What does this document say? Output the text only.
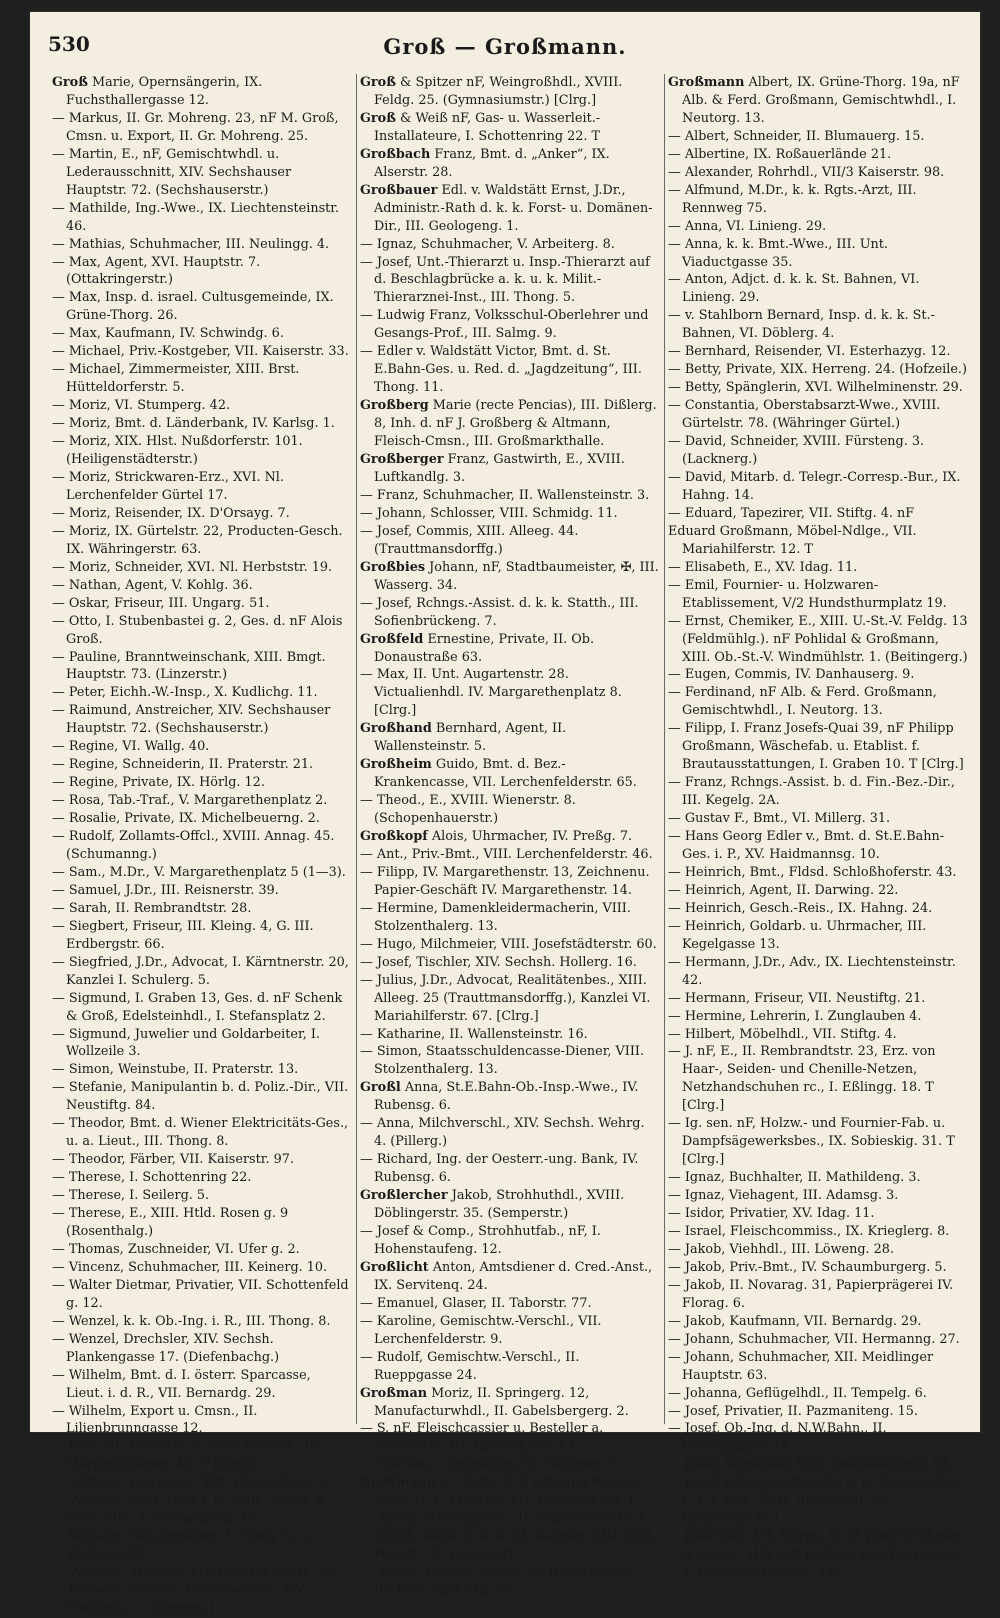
530	Groß — Großmann.

Groß Marie, Opernsängerin, IX. Fuchsthallergasse 12.

— Markus, II. Gr. Mohreng. 23, nF M. Groß, Cmsn. u. Export, II. Gr. Mohreng. 25.

— Martin, E., nF, Gemischtwhdl. u. Lederausschnitt, XIV. Sechshauser Hauptstr. 72. (Sechshauserstr.)

— Mathilde, Ing.-Wwe., IX. Liechtensteinstr. 46.

— Mathias, Schuhmacher, III. Neulingg. 4.

— Max, Agent, XVI. Hauptstr. 7. (Ottakringerstr.)

— Max, Insp. d. israel. Cultusgemeinde, IX. Grüne-Thorg. 26.

— Max, Kaufmann, IV. Schwindg. 6.

— Michael, Priv.-Kostgeber, VII. Kaiserstr. 33.

— Michael, Zimmermeister, XIII. Brst. Hütteldorferstr. 5.

— Moriz, VI. Stumperg. 42.

— Moriz, Bmt. d. Länderbank, IV. Karlsg. 1.

— Moriz, XIX. Hlst. Nußdorferstr. 101. (Heiligenstädterstr.)

— Moriz, Strickwaren-Erz., XVI. Nl. Lerchenfelder Gürtel 17.

— Moriz, Reisender, IX. D'Orsayg. 7.

— Moriz, IX. Gürtelstr. 22, Producten-Gesch. IX. Währingerstr. 63.

— Moriz, Schneider, XVI. Nl. Herbststr. 19.

— Nathan, Agent, V. Kohlg. 36.

— Oskar, Friseur, III. Ungarg. 51.

— Otto, I. Stubenbastei g. 2, Ges. d. nF Alois Groß.

— Pauline, Branntweinschank, XIII. Bmgt. Hauptstr. 73. (Linzerstr.)

— Peter, Eichh.-W.-Insp., X. Kudlichg. 11.

— Raimund, Anstreicher, XIV. Sechshauser Hauptstr. 72. (Sechshauserstr.)

— Regine, VI. Wallg. 40.

— Regine, Schneiderin, II. Praterstr. 21.

— Regine, Private, IX. Hörlg. 12.

— Rosa, Tab.-Traf., V. Margarethenplatz 2.

— Rosalie, Private, IX. Michelbeuerng. 2.

— Rudolf, Zollamts-Offcl., XVIII. Annag. 45. (Schumanng.)

— Sam., M.Dr., V. Margarethenplatz 5 (1—3).

— Samuel, J.Dr., III. Reisnerstr. 39.

— Sarah, II. Rembrandtstr. 28.

— Siegbert, Friseur, III. Kleing. 4, G. III. Erdbergstr. 66.

— Siegfried, J.Dr., Advocat, I. Kärntnerstr. 20, Kanzlei I. Schulerg. 5.

— Sigmund, I. Graben 13, Ges. d. nF Schenk & Groß, Edelsteinhdl., I. Stefansplatz 2.

— Sigmund, Juwelier und Goldarbeiter, I. Wollzeile 3.

— Simon, Weinstube, II. Praterstr. 13.

— Stefanie, Manipulantin b. d. Poliz.-Dir., VII. Neustiftg. 84.

— Theodor, Bmt. d. Wiener Elektricitäts-Ges., u. a. Lieut., III. Thong. 8.

— Theodor, Färber, VII. Kaiserstr. 97.

— Therese, I. Schottenring 22.

— Therese, I. Seilerg. 5.

— Therese, E., XIII. Htld. Rosen g. 9 (Rosenthalg.)

— Thomas, Zuschneider, VI. Ufer g. 2.

— Vincenz, Schuhmacher, III. Keinerg. 10.

— Walter Dietmar, Privatier, VII. Schottenfeld g. 12.

— Wenzel, k. k. Ob.-Ing. i. R., III. Thong. 8.

— Wenzel, Drechsler, XIV. Sechsh. Plankengasse 17. (Diefenbachg.)

— Wilhelm, Bmt. d. I. österr. Sparcasse, Lieut. i. d. R., VII. Bernardg. 29.

— Wilhelm, Export u. Cmsn., II. Lilienbrunngasse 12.

— Wilh. nF, Goldarb. u. ihren-Verschl., IV. Margarethenstr. 45. T [Clrg.]

— Wilhelm, Journalist, XIX. Hutweideng. 6.

— Wilhelm, Secr.-Chef i. P., LOR., Cmdr. d. num. RtO., I. Grünangerg. 10.

— Wilhelm, Schuhmacher, I. Postg. 6, G. I. Wollzeile 30.

— Wilhelm, Tischler, XIV. Goldschlagstr. 35.

— Wilhelm Vincenz, Branntweiner, XIV. Fischerg. 2. (Grimmg.)

Groß & Spitzer nF, Weingroßhdl., XVIII. Feldg. 25. (Gymnasiumstr.) [Clrg.]

Groß & Weiß nF, Gas- u. Wasserleit.-Installateure, I. Schottenring 22. T

Großbach Franz, Bmt. d. „Anker“, IX. Alserstr. 28.

Großbauer Edl. v. Waldstätt Ernst, J.Dr., Administr.-Rath d. k. k. Forst- u. Domänen-Dir., III. Geologeng. 1.

— Ignaz, Schuhmacher, V. Arbeiterg. 8.

— Josef, Unt.-Thierarzt u. Insp.-Thierarzt auf d. Beschlagbrücke a. k. u. k. Milit.-Thierarznei-Inst., III. Thong. 5.

— Ludwig Franz, Volksschul-Oberlehrer und Gesangs-Prof., III. Salmg. 9.

— Edler v. Waldstätt Victor, Bmt. d. St. E.Bahn-Ges. u. Red. d. „Jagdzeitung“, III. Thong. 11.

Großberg Marie (recte Pencias), III. Dißlerg. 8, Inh. d. nF J. Großberg & Altmann, Fleisch-Cmsn., III. Großmarkthalle.

Großberger Franz, Gastwirth, E., XVIII. Luftkandlg. 3.

— Franz, Schuhmacher, II. Wallensteinstr. 3.

— Johann, Schlosser, VIII. Schmidg. 11.

— Josef, Commis, XIII. Alleeg. 44. (Trauttmansdorffg.)

Großbies Johann, nF, Stadtbaumeister, ✠, III. Wasserg. 34.

— Josef, Rchngs.-Assist. d. k. k. Statth., III. Sofienbrückeng. 7.

Großfeld Ernestine, Private, II. Ob. Donaustraße 63.

— Max, II. Unt. Augartenstr. 28. Victualienhdl. IV. Margarethenplatz 8. [Clrg.]

Großhand Bernhard, Agent, II. Wallensteinstr. 5.

Großheim Guido, Bmt. d. Bez.-Krankencasse, VII. Lerchenfelderstr. 65.

— Theod., E., XVIII. Wienerstr. 8. (Schopenhauerstr.)

Großkopf Alois, Uhrmacher, IV. Preßg. 7.

— Ant., Priv.-Bmt., VIII. Lerchenfelderstr. 46.

— Filipp, IV. Margarethenstr. 13, Zeichnenu. Papier-Geschäft IV. Margarethenstr. 14.

— Hermine, Damenkleidermacherin, VIII. Stolzenthalerg. 13.

— Hugo, Milchmeier, VIII. Josefstädterstr. 60.

— Josef, Tischler, XIV. Sechsh. Hollerg. 16.

— Julius, J.Dr., Advocat, Realitätenbes., XIII. Alleeg. 25 (Trauttmansdorffg.), Kanzlei VI. Mariahilferstr. 67. [Clrg.]

— Katharine, II. Wallensteinstr. 16.

— Simon, Staatsschuldencasse-Diener, VIII. Stolzenthalerg. 13.

Großl Anna, St.E.Bahn-Ob.-Insp.-Wwe., IV. Rubensg. 6.

— Anna, Milchverschl., XIV. Sechsh. Wehrg. 4. (Pillerg.)

— Richard, Ing. der Oesterr.-ung. Bank, IV. Rubensg. 6.

Großlercher Jakob, Strohhuthdl., XVIII. Döblingerstr. 35. (Semperstr.)

— Josef & Comp., Strohhutfab., nF, I. Hohenstaufeng. 12.

Großlicht Anton, Amtsdiener d. Cred.-Anst., IX. Servitenq. 24.

— Emanuel, Glaser, II. Taborstr. 77.

— Karoline, Gemischtw.-Verschl., VII. Lerchenfelderstr. 9.

— Rudolf, Gemischtw.-Verschl., II. Rueppgasse 24.

Großman Moriz, II. Springerg. 12, Manufacturwhdl., II. Gabelsbergerg. 2.

— S. nF, Fleischcassier u. Besteller a. Viehmarkt, III. Radetzkystr. 13.

— Therese, Cantineurin, III. Beatrixg. 1.

Großmann A., Vertr. d. F. Edmund Wagner, vorm. C. F. Krusche, VII. Kaiserstr. 98. T

— Adele, Schirmgesch., II. Wallensteinstr. 2.

— Adolf, Assist. d. k. k. St. Bahnen, XIII. Brst. Poststr. 78. (Linzerstr.)

— Albert, Rchngs.-Assist. im Hdl.-Minstm., III. Unt. Viaductg. 33.

Großmann Albert, IX. Grüne-Thorg. 19a, nF Alb. & Ferd. Großmann, Gemischtwhdl., I. Neutorg. 13.

— Albert, Schneider, II. Blumauerg. 15.

— Albertine, IX. Roßauerlände 21.

— Alexander, Rohrhdl., VII/3 Kaiserstr. 98.

— Alfmund, M.Dr., k. k. Rgts.-Arzt, III. Rennweg 75.

— Anna, VI. Linieng. 29.

— Anna, k. k. Bmt.-Wwe., III. Unt. Viaductgasse 35.

— Anton, Adjct. d. k. k. St. Bahnen, VI. Linieng. 29.

— v. Stahlborn Bernard, Insp. d. k. k. St.-Bahnen, VI. Döblerg. 4.

— Bernhard, Reisender, VI. Esterhazyg. 12.

— Betty, Private, XIX. Herreng. 24. (Hofzeile.)

— Betty, Spänglerin, XVI. Wilhelminenstr. 29.

— Constantia, Oberstabsarzt-Wwe., XVIII. Gürtelstr. 78. (Währinger Gürtel.)

— David, Schneider, XVIII. Fürsteng. 3. (Lacknerg.)

— David, Mitarb. d. Telegr.-Corresp.-Bur., IX. Hahng. 14.

— Eduard, Tapezirer, VII. Stiftg. 4. nF

Eduard Großmann, Möbel-Ndlge., VII. Mariahilferstr. 12. T

— Elisabeth, E., XV. Idag. 11.

— Emil, Fournier- u. Holzwaren-Etablissement, V/2 Hundsthurmplatz 19.

— Ernst, Chemiker, E., XIII. U.-St.-V. Feldg. 13 (Feldmühlg.). nF Pohlidal & Großmann, XIII. Ob.-St.-V. Windmühlstr. 1. (Beitingerg.)

— Eugen, Commis, IV. Danhauserg. 9.

— Ferdinand, nF Alb. & Ferd. Großmann, Gemischtwhdl., I. Neutorg. 13.

— Filipp, I. Franz Josefs-Quai 39, nF Philipp Großmann, Wäschefab. u. Etablist. f. Brautausstattungen, I. Graben 10. T [Clrg.]

— Franz, Rchngs.-Assist. b. d. Fin.-Bez.-Dir., III. Kegelg. 2A.

— Gustav F., Bmt., VI. Millerg. 31.

— Hans Georg Edler v., Bmt. d. St.E.Bahn-Ges. i. P., XV. Haidmannsg. 10.

— Heinrich, Bmt., Fldsd. Schloßhoferstr. 43.

— Heinrich, Agent, II. Darwing. 22.

— Heinrich, Gesch.-Reis., IX. Hahng. 24.

— Heinrich, Goldarb. u. Uhrmacher, III. Kegelgasse 13.

— Hermann, J.Dr., Adv., IX. Liechtensteinstr. 42.

— Hermann, Friseur, VII. Neustiftg. 21.

— Hermine, Lehrerin, I. Zunglauben 4.

— Hilbert, Möbelhdl., VII. Stiftg. 4.

— J. nF, E., II. Rembrandtstr. 23, Erz. von Haar-, Seiden- und Chenille-Netzen, Netzhandschuhen rc., I. Eßlingg. 18. T [Clrg.]

— Ig. sen. nF, Holzw.- und Fournier-Fab. u. Dampfsägewerksbes., IX. Sobieskig. 31. T [Clrg.]

— Ignaz, Buchhalter, II. Mathildeng. 3.

— Ignaz, Viehagent, III. Adamsg. 3.

— Isidor, Privatier, XV. Idag. 11.

— Israel, Fleischcommiss., IX. Krieglerg. 8.

— Jakob, Viehhdl., III. Löweng. 28.

— Jakob, Priv.-Bmt., IV. Schaumburgerg. 5.

— Jakob, II. Novarag. 31, Papierprägerei IV. Florag. 6.

— Jakob, Kaufmann, VII. Bernardg. 29.

— Johann, Schuhmacher, VII. Hermanng. 27.

— Johann, Schuhmacher, XII. Meidlinger Hauptstr. 63.

— Johanna, Geflügelhdl., II. Tempelg. 6.

— Josef, Privatier, II. Pazmaniteng. 15.

— Josef, Ob.-Ing. d. N.W.Bahn., II. Lessinggasse 15.

— Josef, Schneider, VIII. Josefstädterstr. 83.

— Josef, Rchngs.-Offcl. der k. k. Steuer-Adm. f. d. I. Bez., XVII. Alsbachstr. 33. (Jörgerstraße.)

— Josef Joel, VII. Burgg. 6, nF Josef Großman & Comp., Hdl. mit Hölzern und Fournieren, V. Hundsthurmerstr. 141.
